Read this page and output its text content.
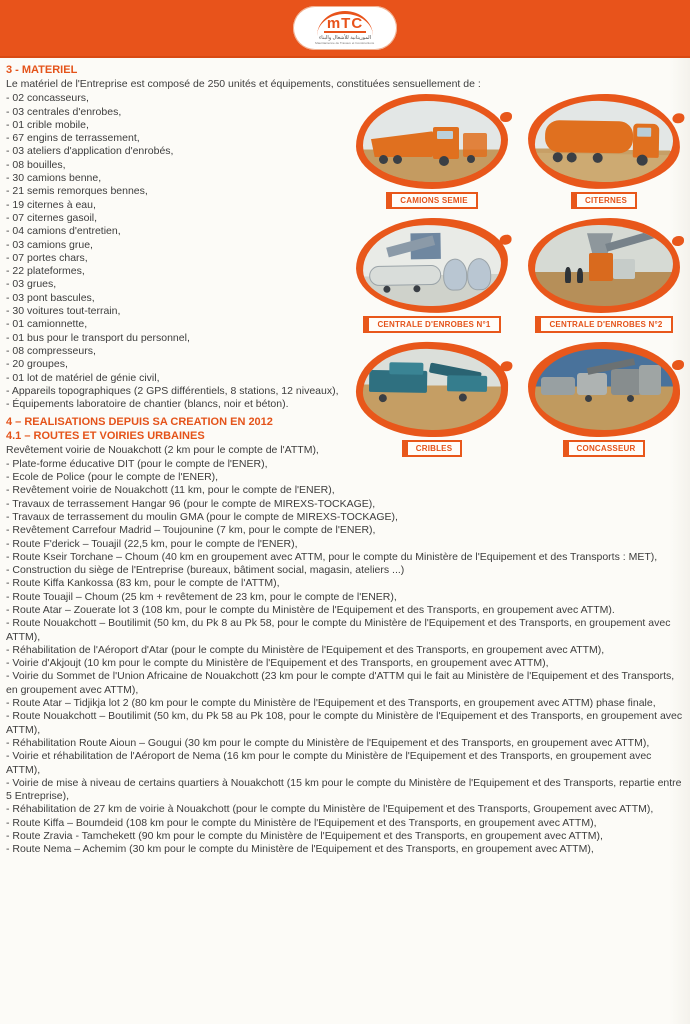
mTC
الموريتانية للأشغال والبناء
Mauritanienne de Travaux et Constructions
3 - MATERIEL
Le matériel de l'Entreprise est composé de 250 unités et équipements, constituées sensuellement de :
CAMIONS SEMIE	CITERNES
CENTRALE D'ENROBES N°1	CENTRALE D'ENROBES N°2
CRIBLES	CONCASSEUR
- 02 concasseurs,
- 03 centrales d'enrobes,
- 01 crible mobile,
- 67 engins de terrassement,
- 03 ateliers d'application d'enrobés,
- 08 bouilles,
- 30 camions benne,
- 21 semis remorques bennes,
- 19 citernes à eau,
- 07 citernes gasoil,
- 04 camions d'entretien,
- 03 camions grue,
- 07 portes chars,
- 22 plateformes,
- 03 grues,
- 03 pont bascules,
- 30 voitures tout-terrain,
- 01 camionnette,
- 01 bus pour le transport du personnel,
- 08 compresseurs,
- 20 groupes,
- 01 lot de matériel de génie civil,
- Appareils topographiques (2 GPS différentiels, 8 stations, 12 niveaux),
- Équipements laboratoire de chantier (blancs, noir et béton).
4 – REALISATIONS DEPUIS SA CREATION EN 2012
4.1 – ROUTES ET VOIRIES URBAINES
Revêtement voirie de Nouakchott (2 km pour le compte de l'ATTM),
- Plate-forme éducative DIT (pour le compte de l'ENER),
- Ecole de Police (pour le compte de l'ENER),
- Revêtement voirie de Nouakchott (11 km, pour le compte de l'ENER),
- Travaux de terrassement Hangar 96 (pour le compte de MIREXS-TOCKAGE),
- Travaux de terrassement du moulin GMA (pour le compte de MIREXS-TOCKAGE),
- Revêtement Carrefour Madrid – Toujounine (7 km, pour le compte de l'ENER),
- Route F'derick – Touajil (22,5 km, pour le compte de l'ENER),
- Route Kseir Torchane – Choum (40 km en groupement avec ATTM, pour le compte du Ministère de l'Equipement et des Transports : MET),
- Construction du siège de l'Entreprise (bureaux, bâtiment social, magasin, ateliers ...)
- Route Kiffa Kankossa (83 km, pour le compte de l'ATTM),
- Route Touajil – Choum (25 km + revêtement de 23 km, pour le compte de l'ENER),
- Route Atar – Zouerate lot 3 (108 km, pour le compte du Ministère de l'Equipement et des Transports, en groupement avec ATTM).
- Route Nouakchott – Boutilimit (50 km, du Pk 8 au Pk 58, pour le compte du Ministère de l'Equipement et des Transports, en groupement avec ATTM),
- Réhabilitation de l'Aéroport d'Atar (pour le compte du Ministère de l'Equipement et des Transports, en groupement avec ATTM),
- Voirie d'Akjoujt (10 km pour le compte du Ministère de l'Equipement et des Transports, en groupement avec ATTM),
- Voirie du Sommet de l'Union Africaine de Nouakchott (23 km pour le compte d'ATTM qui le fait au Ministère de l'Equipement et des Transports, en groupement avec ATTM),
- Route Atar – Tidjikja lot 2 (80 km pour le compte du Ministère de l'Equipement et des Transports, en groupement avec ATTM) phase finale,
- Route Nouakchott – Boutilimit (50 km, du Pk 58 au Pk 108, pour le compte du Ministère de l'Equipement et des Transports, en groupement avec ATTM),
- Réhabilitation Route Aioun – Gougui (30 km pour le compte du Ministère de l'Equipement et des Transports, en groupement avec ATTM),
- Voirie et réhabilitation de l'Aéroport de Nema (16 km pour le compte du Ministère de l'Equipement et des Transports, en groupement avec ATTM),
- Voirie de mise à niveau de certains quartiers à Nouakchott (15 km pour le compte du Ministère de l'Equipement et des Transports, repartie entre 5 Entreprise),
- Réhabilitation de 27 km de voirie à Nouakchott (pour le compte du Ministère de l'Equipement et des Transports, Groupement avec ATTM),
- Route Kiffa – Boumdeid (108 km pour le compte du Ministère de l'Equipement et des Transports, en groupement avec ATTM),
- Route Zravia - Tamchekett (90 km pour le compte du Ministère de l'Equipement et des Transports, en groupement avec ATTM),
- Route Nema – Achemim (30 km pour le compte du Ministère de l'Equipement et des Transports, en groupement avec ATTM),
